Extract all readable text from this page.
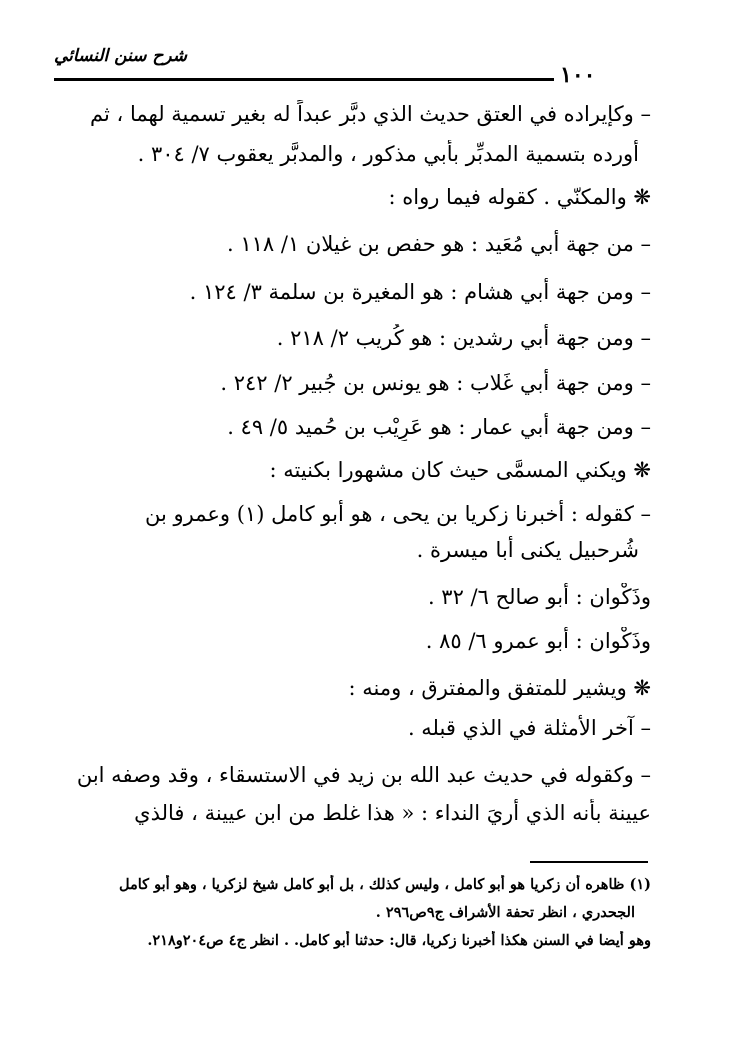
شرح سنن النسائي
١٠٠
– وكإيراده في العتق حديث الذي دبَّر عبداً له بغير تسمية لهما ، ثم
أورده بتسمية المدبِّر بأبي مذكور ، والمدبَّر يعقوب ٧/ ٣٠٤ .
❋ والمكنّي . كقوله فيما رواه :
– من جهة أبي مُعَيد : هو حفص بن غيلان ١/ ١١٨ .
– ومن جهة أبي هشام : هو المغيرة بن سلمة ٣/ ١٢٤ .
– ومن جهة أبي رشدين : هو كُريب ٢/ ٢١٨ .
– ومن جهة أبي غَلاب : هو يونس بن جُبير ٢/ ٢٤٢ .
– ومن جهة أبي عمار : هو عَرِيْب بن حُميد ٥/ ٤٩ .
❋ ويكني المسمَّى حيث كان مشهورا بكنيته :
– كقوله : أخبرنا زكريا بن يحى ، هو أبو كامل (١) وعمرو بن
شُرحبيل يكنى أبا ميسرة .
وذَكْوان : أبو صالح ٦/ ٣٢ .
وذَكْوان : أبو عمرو ٦/ ٨٥ .
❋ ويشير للمتفق والمفترق ، ومنه :
– آخر الأمثلة في الذي قبله .
– وكقوله في حديث عبد الله بن زيد في الاستسقاء ، وقد وصفه ابن
عيينة بأنه الذي أُريَ النداء : « هذا غلط من ابن عيينة ، فالذي
(١) ظاهره أن زكريا هو أبو كامل ، وليس كذلك ، بل أبو كامل شيخ لزكريا ، وهو أبو كامل
الجحدري ، انظر تحفة الأشراف ج٩ص٢٩٦ .
وهو أيضا في السنن هكذا أخبرنا زكريا، قال: حدثنا أبو كامل. . انظر ج٤ ص٢٠٤و٢١٨.
